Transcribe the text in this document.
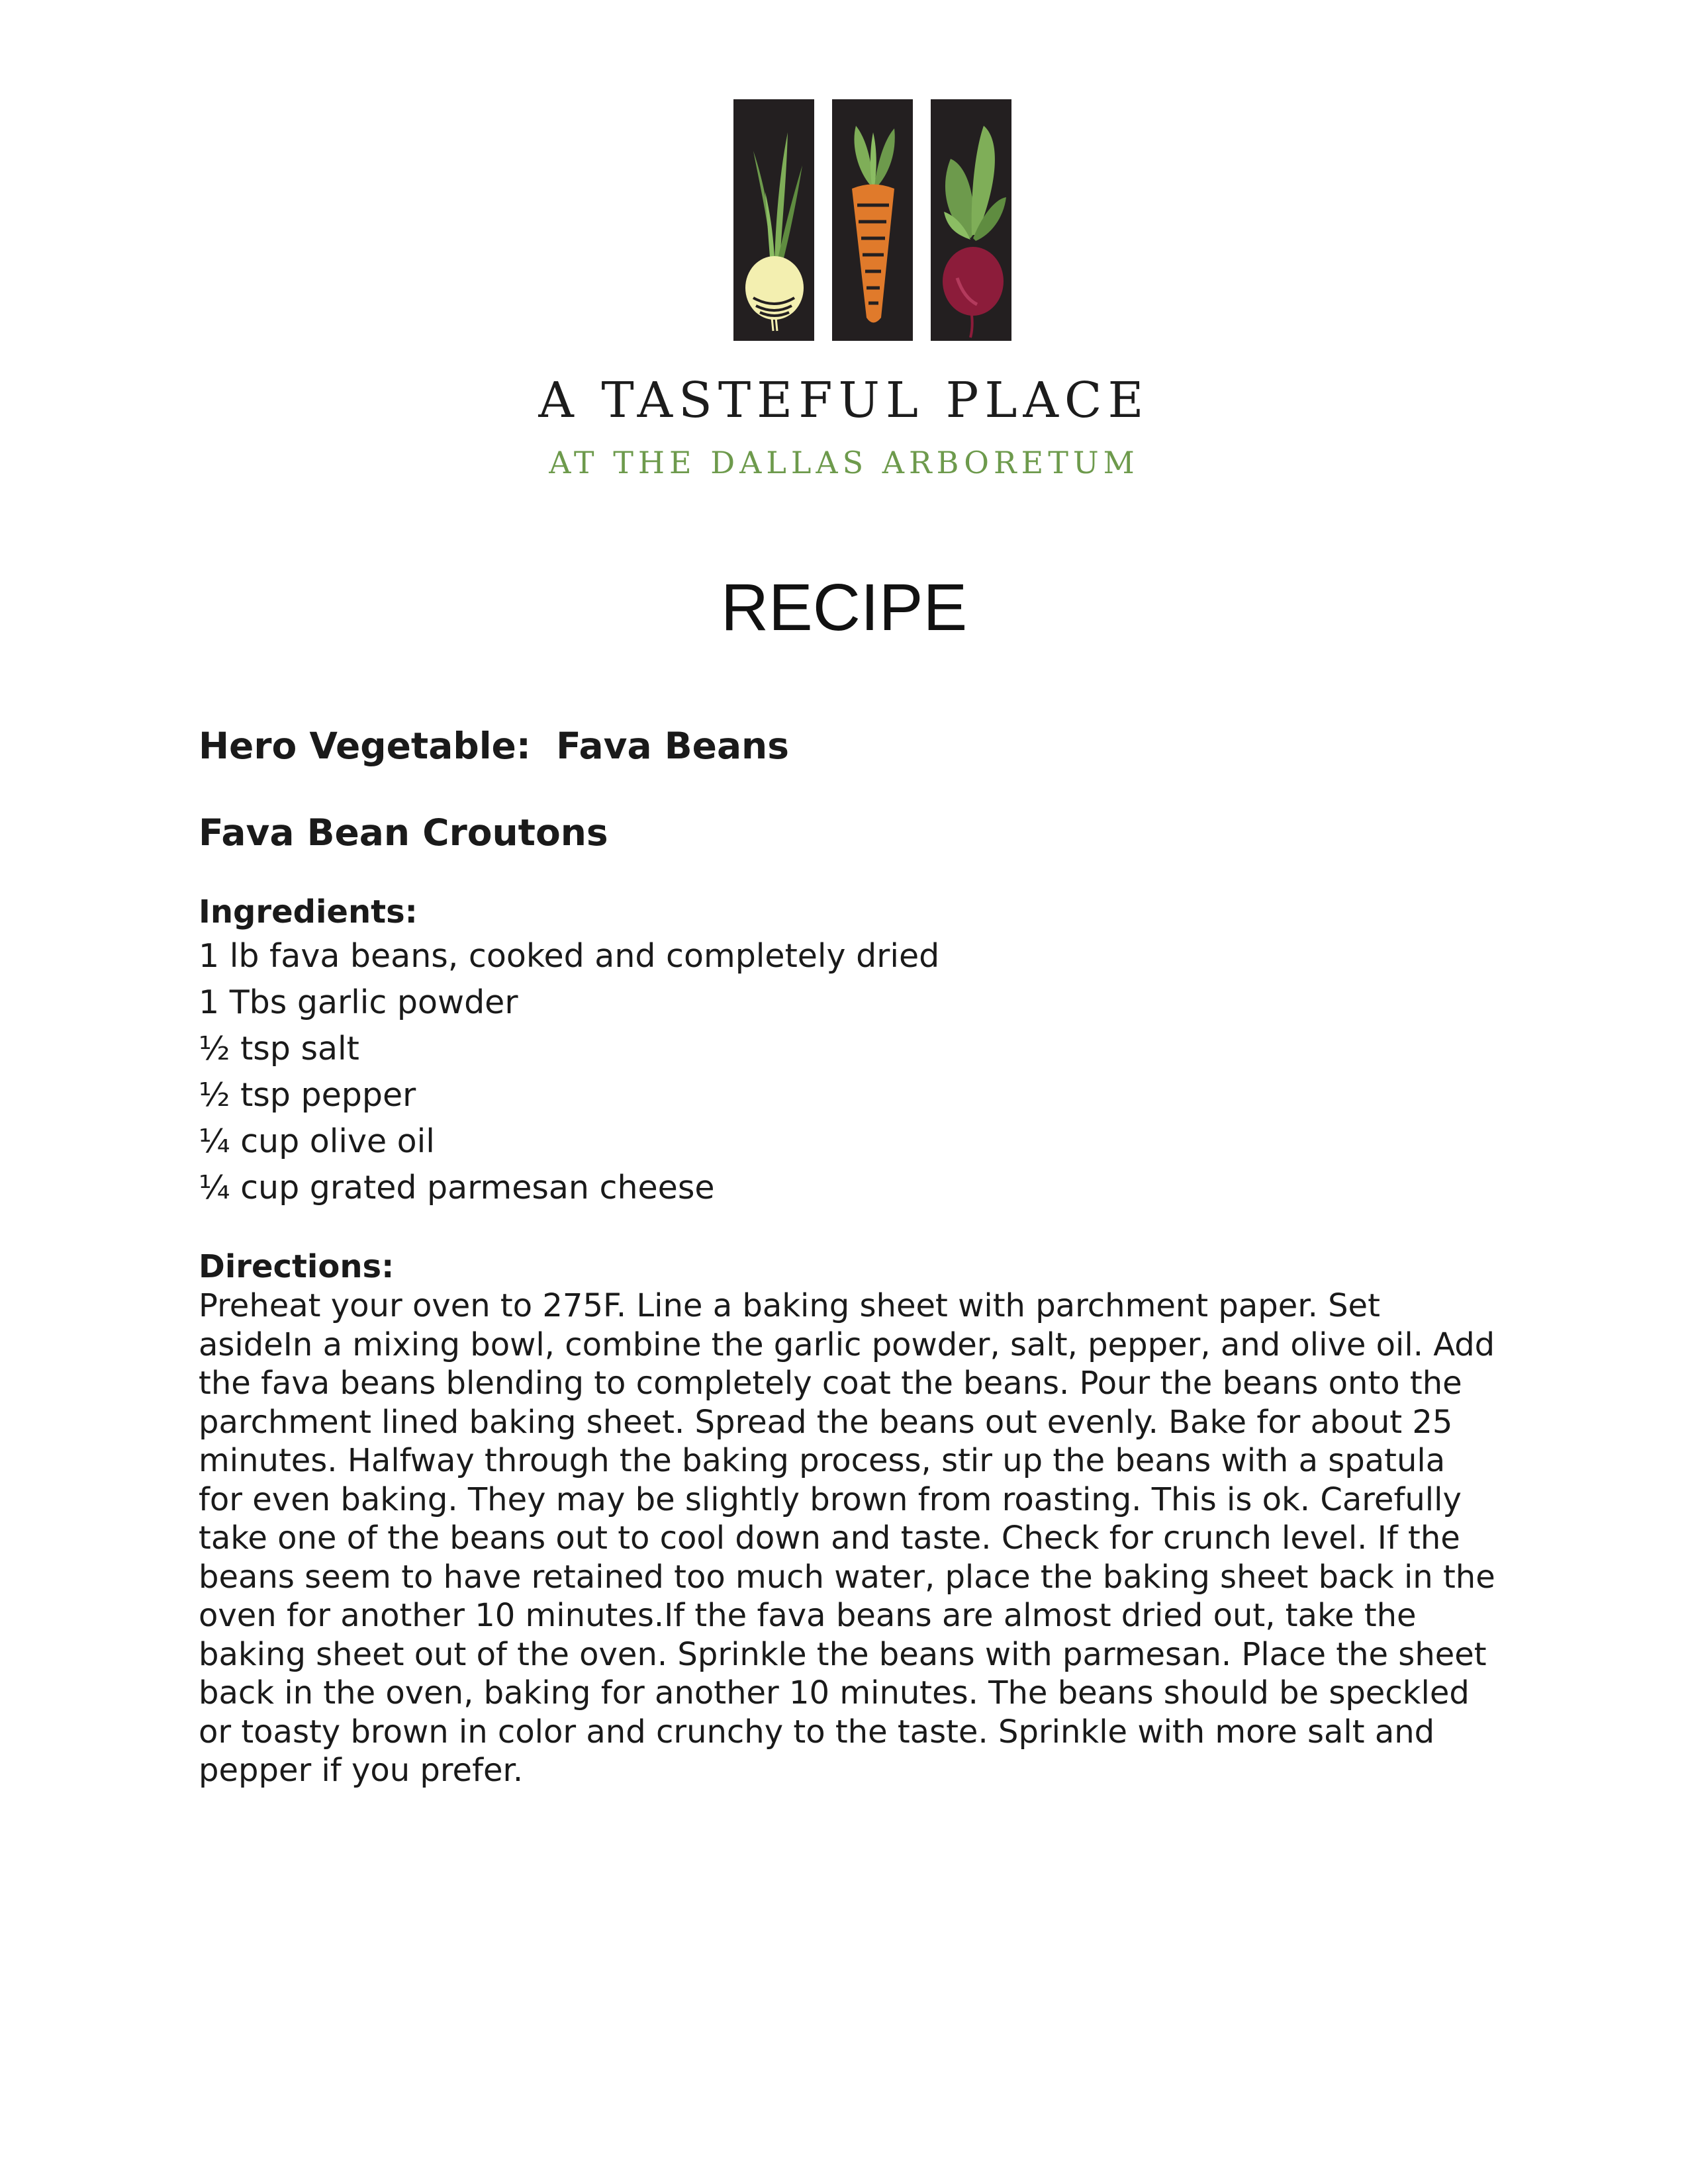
A TASTEFUL PLACE
AT THE DALLAS ARBORETUM
RECIPE
Hero Vegetable:  Fava Beans
Fava Bean Croutons
Ingredients:
1 lb fava beans, cooked and completely dried
1 Tbs garlic powder
½ tsp salt
½ tsp pepper
¼ cup olive oil
¼ cup grated parmesan cheese
Directions:

Preheat your oven to 275F. Line a baking sheet with parchment paper. Set asideIn a mixing bowl, combine the garlic powder, salt, pepper, and olive oil. Add the fava beans blending to completely coat the beans. Pour the beans onto the parchment lined baking sheet. Spread the beans out evenly. Bake for about 25 minutes. Halfway through the baking process, stir up the beans with a spatula for even baking. They may be slightly brown from roasting. This is ok. Carefully take one of the beans out to cool down and taste. Check for crunch level. If the beans seem to have retained too much water, place the baking sheet back in the oven for another 10 minutes.If the fava beans are almost dried out, take the baking sheet out of the oven. Sprinkle the beans with parmesan. Place the sheet back in the oven, baking for another 10 minutes. The beans should be speckled or toasty brown in color and crunchy to the taste. Sprinkle with more salt and pepper if you prefer.
